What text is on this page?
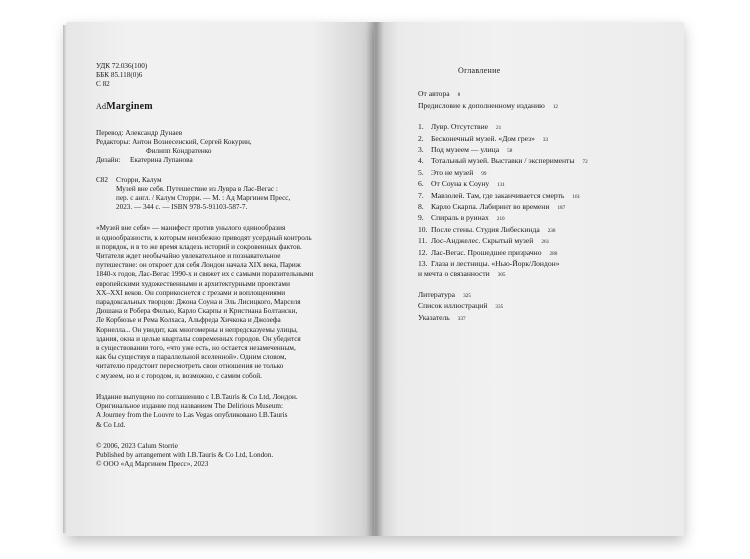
УДК 72.036(100)

ББК 85.118(0)6

С 82

AdMarginem

Перевод: Александр Дунаев

Редакторы: Антон Вознесенский, Сергей Кокурин,

Филипп Кондратенко

Дизайн:	Екатерина Лупанова
С82	Сторри, Калум

Музей вне себя. Путешествие из Лувра в Лас-Вегас :

пер. с англ. / Калум Сторри. — М. : Ад Маргинем Пресс,

2023. — 344 с. — ISBN 978-5-91103-587-7.

«Музей вне себя» — манифест против унылого единообразия

и однообразности, к которым неизбежно приводят усердный контроль

и порядок, и в то же время кладезь историй и сокровенных фактов.

Читателя ждет необычайно увлекательное и познавательное

путешествие: он откроет для себя Лондон начала XIX века, Париж

1840-х годов, Лас-Вегас 1990-х и свяжет их с самыми поразительными

европейскими художественными и архитектурными проектами

XX–XXI веков. Он соприкоснется с грезами и воплощениями

парадоксальных творцов: Джона Соуна и Эль Лисицкого, Марселя

Дюшана и Робера Филью, Карло Скарпы и Кристиана Болтански,

Ле Корбюзье и Рема Колхаса, Альфреда Хичкока и Джозефа

Корнелла... Он увидит, как многомерны и непредсказуемы улицы,

здания, окна и целые кварталы современных городов. Он убедится

в существовании того, «что уже есть, но остается незамеченным,

как бы существуя в параллельной вселенной». Одним словом,

читателю предстоит пересмотреть свои отношения не только

с музеем, но и с городом, и, возможно, с самим собой.

Издание выпущено по соглашению с I.B.Tauris & Co Ltd, Лондон.

Оригинальное издание под названием The Delirious Museum:

A Journey from the Louvre to Las Vegas опубликовано I.B.Tauris

& Co Ltd.

© 2006, 2023 Calum Storrie

Published by arrangement with I.B.Tauris & Co Ltd, London.

© ООО «Ад Маргинем Пресс», 2023

Оглавление
От автора 8
Предисловие к дополненному изданию 12
1. Лувр. Отсутствие 21
2. Бесконечный музей. «Дом грез» 33
3. Под музеем — улица 58
4. Тотальный музей. Выставки / эксперименты 72
5. Это не музей 99
6. От Соуна к Соуну 131
7. Мавзолей. Там, где заканчивается смерть 161
8. Карло Скарпа. Лабиринт во времени 187
9. Спираль в руинах 210
10. После стены. Студия Либескинда 238
11. Лос-Анджелес. Скрытый музей 261
12. Лас-Вегас. Прошедшее призрачно 280
13. Глаза и лестницы. «Нью-Йорк/Лондон»
и мечта о связанности 305
Литература 325
Список иллюстраций 335
Указатель 337
